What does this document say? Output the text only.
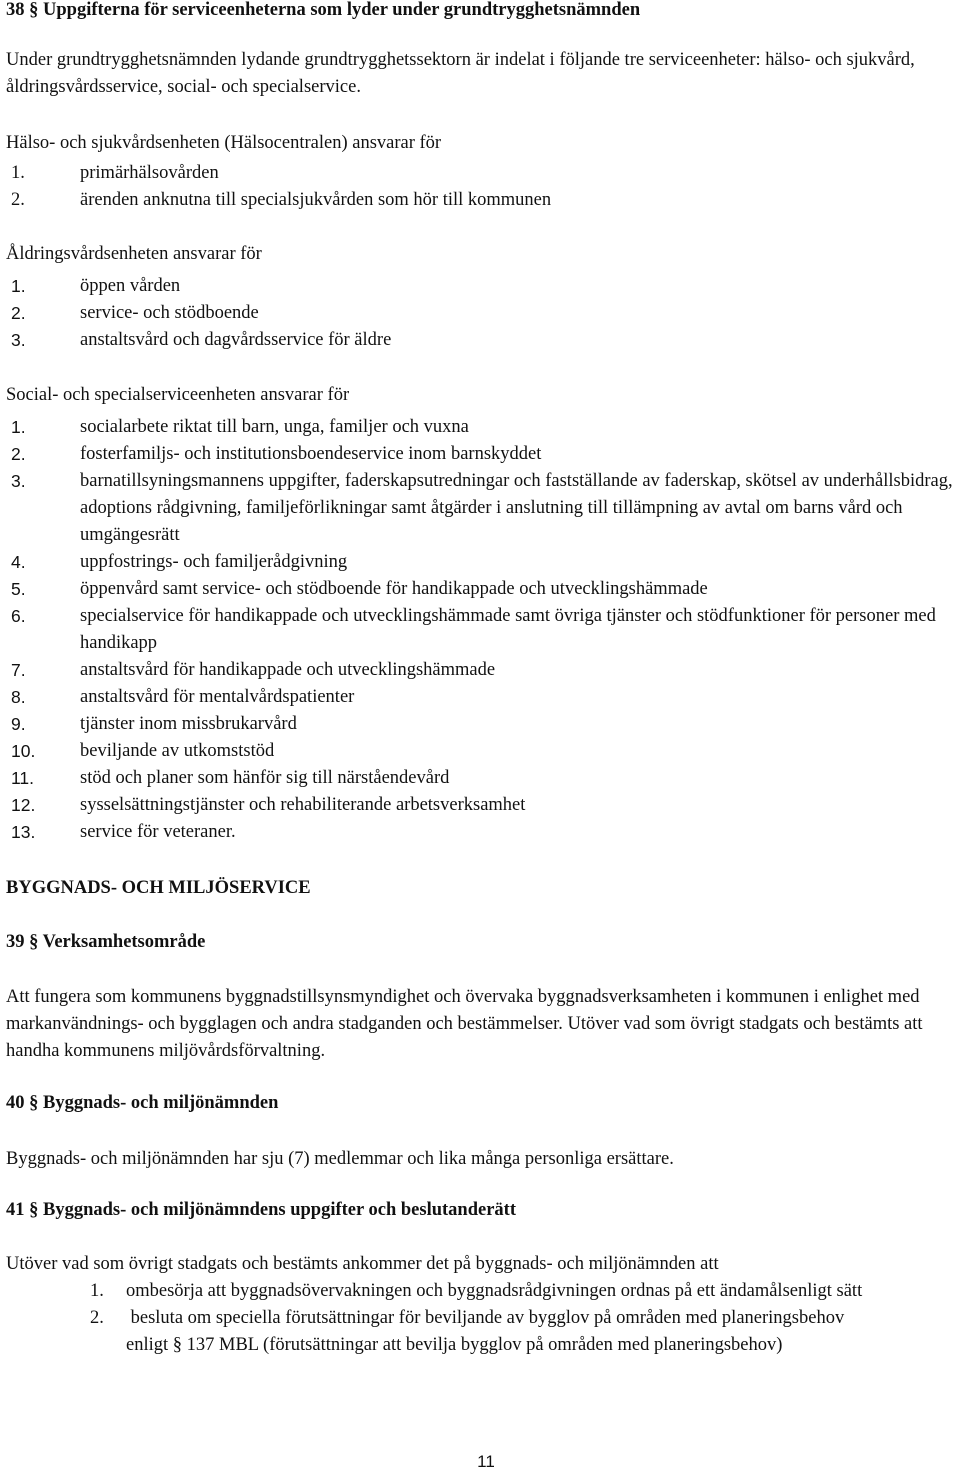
38 § Uppgifterna för serviceenheterna som lyder under grundtrygghetsnämnden

Under grundtrygghetsnämnden lydande grundtrygghetssektorn är indelat i följande tre serviceenheter: hälso- och sjukvård, åldringsvårdsservice, social- och specialservice.

Hälso- och sjukvårdsenheten (Hälsocentralen) ansvarar för

1.	primärhälsovården
2.	ärenden anknutna till specialsjukvården som hör till kommunen

Åldringsvårdsenheten ansvarar för

1.	öppen vården
2.	service- och stödboende
3.	anstaltsvård och dagvårdsservice för äldre

Social- och specialserviceenheten ansvarar för

1.	socialarbete riktat till barn, unga, familjer och vuxna
2.	fosterfamiljs- och institutionsboendeservice inom barnskyddet
3.	barnatillsyningsmannens uppgifter, faderskapsutredningar och fastställande av faderskap, skötsel av underhållsbidrag, adoptions rådgivning, familjeförlikningar samt åtgärder i anslutning till tillämpning av avtal om barns vård och umgängesrätt
4.	uppfostrings- och familjerådgivning
5.	öppenvård samt service- och stödboende för handikappade och utvecklingshämmade
6.	specialservice för handikappade och utvecklingshämmade samt övriga tjänster och stödfunktioner för personer med handikapp
7.	anstaltsvård för handikappade och utvecklingshämmade
8.	anstaltsvård för mentalvårdspatienter
9.	tjänster inom missbrukarvård
10.	beviljande av utkomststöd
11.	stöd och planer som hänför sig till närståendevård
12.	sysselsättningstjänster och rehabiliterande arbetsverksamhet
13.	service för veteraner.

BYGGNADS- OCH MILJÖSERVICE

39 § Verksamhetsområde

Att fungera som kommunens byggnadstillsynsmyndighet och övervaka byggnadsverksamheten i kommunen i enlighet med markanvändnings- och bygglagen och andra stadganden och bestämmelser. Utöver vad som övrigt stadgats och bestämts att handha kommunens miljövårdsförvaltning.

40 § Byggnads- och miljönämnden

Byggnads- och miljönämnden har sju (7) medlemmar och lika många personliga ersättare.

41 § Byggnads- och miljönämndens uppgifter och beslutanderätt

Utöver vad som övrigt stadgats och bestämts ankommer det på byggnads- och miljönämnden att

1.	ombesörja att byggnadsövervakningen och byggnadsrådgivningen ordnas på ett ändamålsenligt sätt
2.	besluta om speciella förutsättningar för beviljande av bygglov på områden med planeringsbehov enligt § 137 MBL (förutsättningar att bevilja bygglov på områden med planeringsbehov)
11
